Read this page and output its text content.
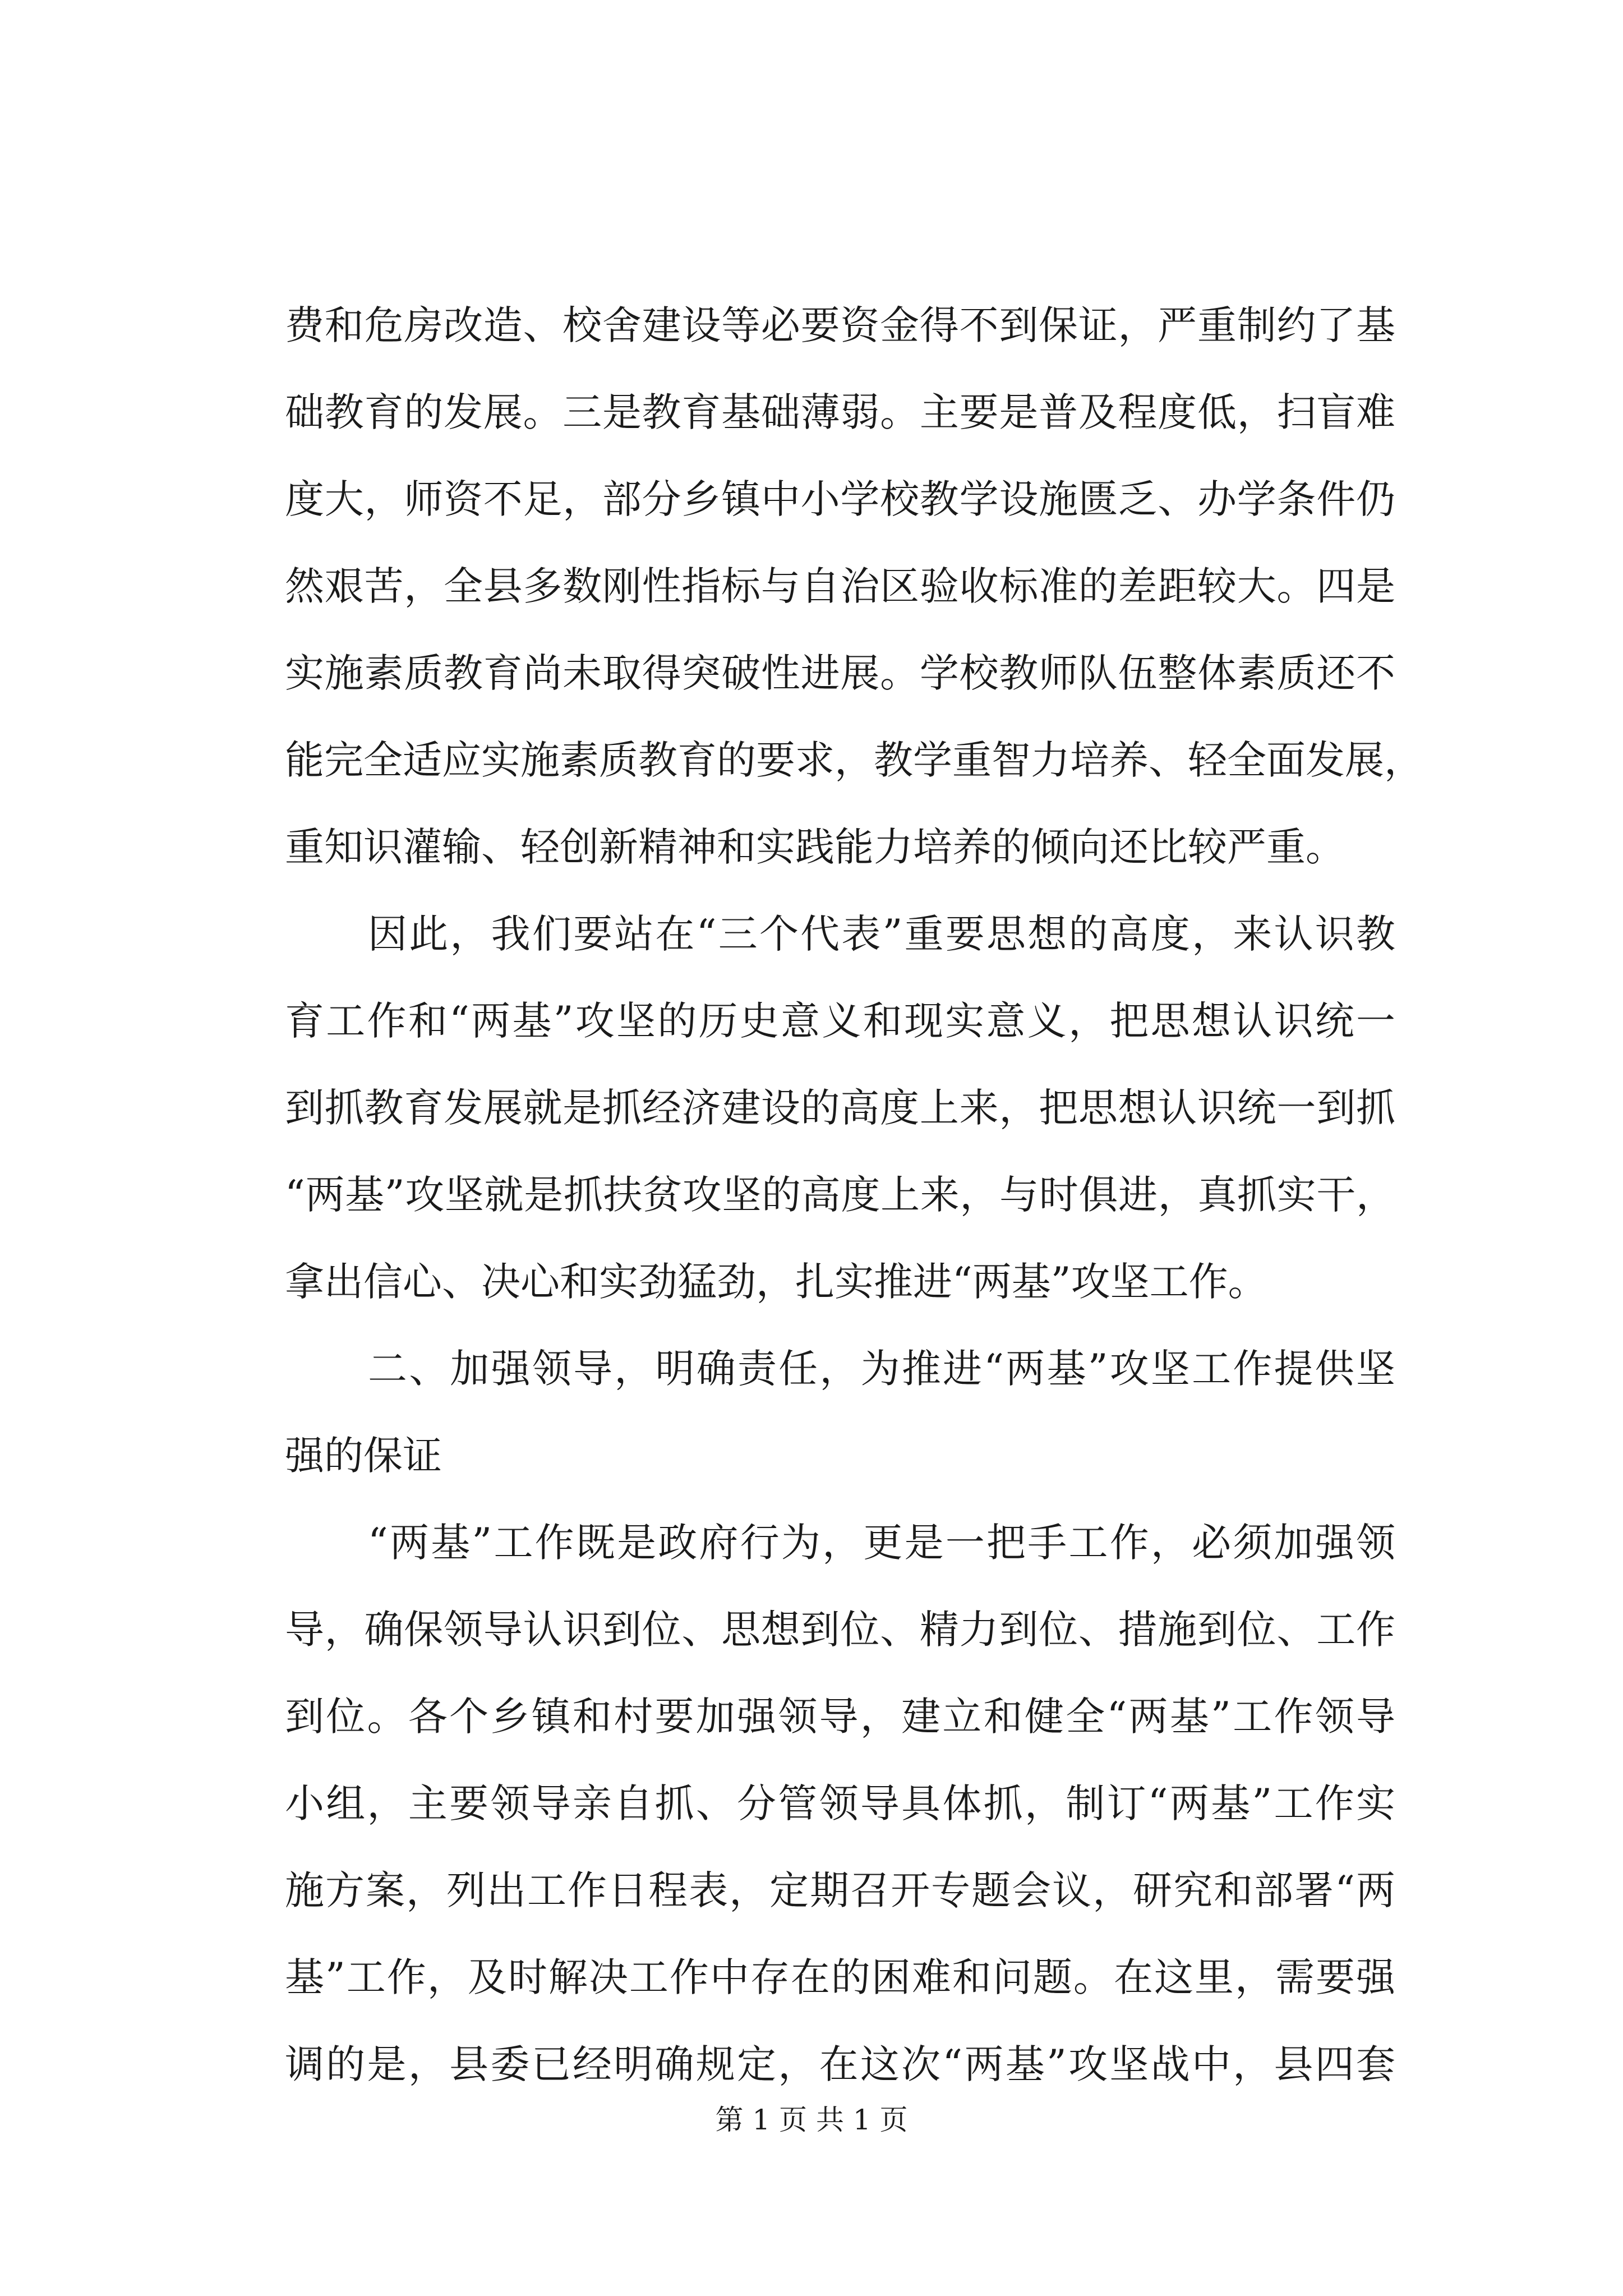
费和危房改造、校舍建设等必要资金得不到保证，严重制约了基
础教育的发展。三是教育基础薄弱。主要是普及程度低，扫盲难
度大，师资不足，部分乡镇中小学校教学设施匮乏、办学条件仍
然艰苦，全县多数刚性指标与自治区验收标准的差距较大。四是
实施素质教育尚未取得突破性进展。学校教师队伍整体素质还不
能完全适应实施素质教育的要求，教学重智力培养、轻全面发展，
重知识灌输、轻创新精神和实践能力培养的倾向还比较严重。
因此，我们要站在“三个代表”重要思想的高度，来认识教
育工作和“两基”攻坚的历史意义和现实意义，把思想认识统一
到抓教育发展就是抓经济建设的高度上来，把思想认识统一到抓
“两基”攻坚就是抓扶贫攻坚的高度上来，与时俱进，真抓实干，
拿出信心、决心和实劲猛劲，扎实推进“两基”攻坚工作。
二、加强领导，明确责任，为推进“两基”攻坚工作提供坚
强的保证
“两基”工作既是政府行为，更是一把手工作，必须加强领
导，确保领导认识到位、思想到位、精力到位、措施到位、工作
到位。各个乡镇和村要加强领导，建立和健全“两基”工作领导
小组，主要领导亲自抓、分管领导具体抓，制订“两基”工作实
施方案，列出工作日程表，定期召开专题会议，研究和部署“两
基”工作，及时解决工作中存在的困难和问题。在这里，需要强
调的是，县委已经明确规定，在这次“两基”攻坚战中，县四套
第 1 页 共 1 页
